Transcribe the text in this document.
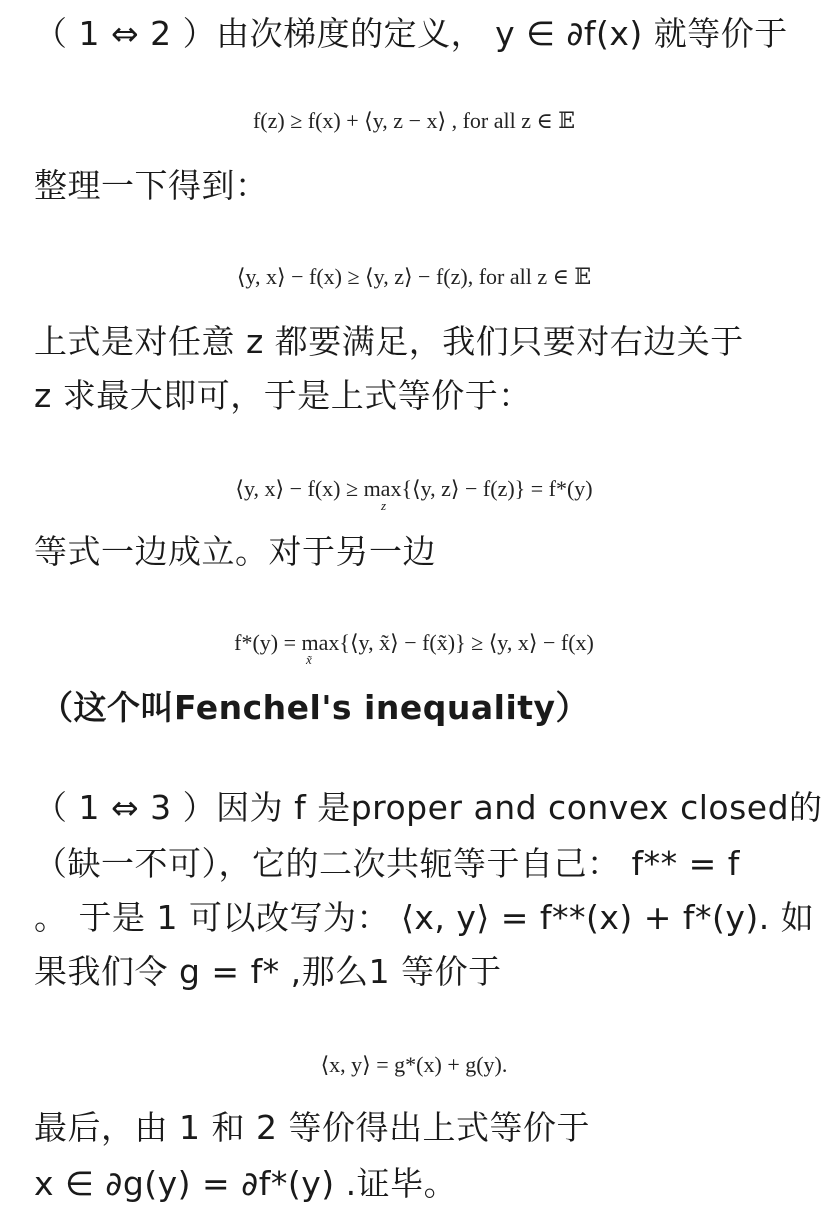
（ 1 ⇔ 2 ）由次梯度的定义， y ∈ ∂f(x) 就等价于
f(z) ≥ f(x) + ⟨y, z − x⟩ , for all z ∈ 𝔼
整理一下得到：
⟨y, x⟩ − f(x) ≥ ⟨y, z⟩ − f(z), for all z ∈ 𝔼
上式是对任意 z 都要满足，我们只要对右边关于
z 求最大即可，于是上式等价于：
⟨y, x⟩ − f(x) ≥ max{⟨y, z⟩ − f(z)} = f*(y)
z
等式一边成立。对于另一边
f*(y) = max{⟨y, x̃⟩ − f(x̃)} ≥ ⟨y, x⟩ − f(x)
x̃
（这个叫Fenchel's inequality）
（ 1 ⇔ 3 ）因为 f 是proper and convex closed的
（缺一不可），它的二次共轭等于自己： f** = f
。 于是 1 可以改写为： ⟨x, y⟩ = f**(x) + f*(y). 如
果我们令 g = f* ,那么1 等价于
⟨x, y⟩ = g*(x) + g(y).
最后，由 1 和 2 等价得出上式等价于
x ∈ ∂g(y) = ∂f*(y) .证毕。
